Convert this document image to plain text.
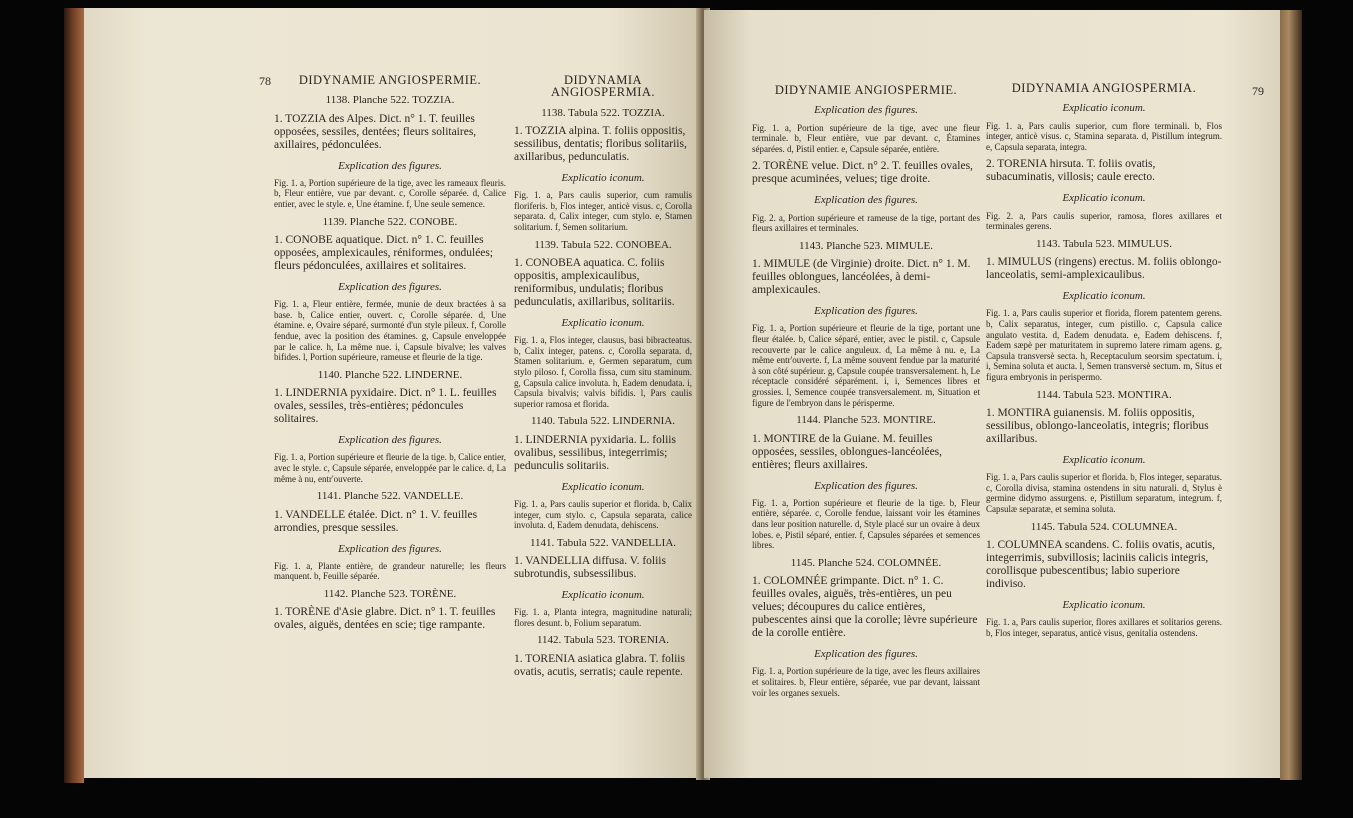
78	DIDYNAMIE ANGIOSPERMIE.
1138. Planche 522. TOZZIA.
1. TOZZIA des Alpes. Dict. n° 1. T. feuilles opposées, sessiles, dentées; fleurs solitaires, axillaires, pédonculées.
Explication des figures.
Fig. 1. a, Portion supérieure de la tige, avec les rameaux fleuris. b, Fleur entière, vue par devant. c, Corolle séparée. d, Calice entier, avec le style. e, Une étamine. f, Une seule semence.
1139. Planche 522. CONOBE.
1. CONOBE aquatique. Dict. n° 1. C. feuilles opposées, amplexicaules, réniformes, ondulées; fleurs pédonculées, axillaires et solitaires.
Explication des figures.
Fig. 1. a, Fleur entière, fermée, munie de deux bractées à sa base. b, Calice entier, ouvert. c, Corolle séparée. d, Une étamine. e, Ovaire séparé, surmonté d'un style pileux. f, Corolle fendue, avec la position des étamines. g, Capsule enveloppée par le calice. h, La même nue. i, Capsule bivalve; les valves bifides. l, Portion supérieure, rameuse et fleurie de la tige.
1140. Planche 522. LINDERNE.
1. LINDERNIA pyxidaire. Dict. n° 1. L. feuilles ovales, sessiles, très-entières; pédoncules solitaires.
Explication des figures.
Fig. 1. a, Portion supérieure et fleurie de la tige. b, Calice entier, avec le style. c, Capsule séparée, enveloppée par le calice. d, La même à nu, entr'ouverte.
1141. Planche 522. VANDELLE.
1. VANDELLE étalée. Dict. n° 1. V. feuilles arrondies, presque sessiles.
Explication des figures.
Fig. 1. a, Plante entière, de grandeur naturelle; les fleurs manquent. b, Feuille séparée.
1142. Planche 523. TORÈNE.
1. TORÈNE d'Asie glabre. Dict. n° 1. T. feuilles ovales, aiguës, dentées en scie; tige rampante.
DIDYNAMIA ANGIOSPERMIA.
1138. Tabula 522. TOZZIA.
1. TOZZIA alpina. T. foliis oppositis, sessilibus, dentatis; floribus solitariis, axillaribus, pedunculatis.
Explicatio iconum.
Fig. 1. a, Pars caulis superior, cum ramulis floriferis. b, Flos integer, anticè visus. c, Corolla separata. d, Calix integer, cum stylo. e, Stamen solitarium. f, Semen solitarium.
1139. Tabula 522. CONOBEA.
1. CONOBEA aquatica. C. foliis oppositis, amplexicaulibus, reniformibus, undulatis; floribus pedunculatis, axillaribus, solitariis.
Explicatio iconum.
Fig. 1. a, Flos integer, clausus, basi bibracteatus. b, Calix integer, patens. c, Corolla separata. d, Stamen solitarium. e, Germen separatum, cum stylo piloso. f, Corolla fissa, cum situ staminum. g, Capsula calice involuta. h, Eadem denudata. i, Capsula bivalvis; valvis bifidis. l, Pars caulis superior ramosa et florida.
1140. Tabula 522. LINDERNIA.
1. LINDERNIA pyxidaria. L. foliis ovalibus, sessilibus, integerrimis; pedunculis solitariis.
Explicatio iconum.
Fig. 1. a, Pars caulis superior et florida. b, Calix integer, cum stylo. c, Capsula separata, calice involuta. d, Eadem denudata, dehiscens.
1141. Tabula 522. VANDELLIA.
1. VANDELLIA diffusa. V. foliis subrotundis, subsessilibus.
Explicatio iconum.
Fig. 1. a, Planta integra, magnitudine naturali; flores desunt. b, Folium separatum.
1142. Tabula 523. TORENIA.
1. TORENIA asiatica glabra. T. foliis ovatis, acutis, serratis; caule repente.
DIDYNAMIE ANGIOSPERMIE.
Explication des figures.
Fig. 1. a, Portion supérieure de la tige, avec une fleur terminale. b, Fleur entière, vue par devant. c, Étamines séparées. d, Pistil entier. e, Capsule séparée, entière.
2. TORÈNE velue. Dict. n° 2. T. feuilles ovales, presque acuminées, velues; tige droite.
Explication des figures.
Fig. 2. a, Portion supérieure et rameuse de la tige, portant des fleurs axillaires et terminales.
1143. Planche 523. MIMULE.
1. MIMULE (de Virginie) droite. Dict. n° 1. M. feuilles oblongues, lancéolées, à demi-amplexicaules.
Explication des figures.
Fig. 1. a, Portion supérieure et fleurie de la tige, portant une fleur étalée. b, Calice séparé, entier, avec le pistil. c, Capsule recouverte par le calice anguleux. d, La même à nu. e, La même entr'ouverte. f, La même souvent fendue par la maturité à son côté supérieur. g, Capsule coupée transversalement. h, Le réceptacle considéré séparément. i, i, Semences libres et grossies. l, Semence coupée transversalement. m, Situation et figure de l'embryon dans le périsperme.
1144. Planche 523. MONTIRE.
1. MONTIRE de la Guiane. M. feuilles opposées, sessiles, oblongues-lancéolées, entières; fleurs axillaires.
Explication des figures.
Fig. 1. a, Portion supérieure et fleurie de la tige. b, Fleur entière, séparée. c, Corolle fendue, laissant voir les étamines dans leur position naturelle. d, Style placé sur un ovaire à deux lobes. e, Pistil séparé, entier. f, Capsules séparées et semences libres.
1145. Planche 524. COLOMNÉE.
1. COLOMNÉE grimpante. Dict. n° 1. C. feuilles ovales, aiguës, très-entières, un peu velues; découpures du calice entières, pubescentes ainsi que la corolle; lèvre supérieure de la corolle entière.
Explication des figures.
Fig. 1. a, Portion supérieure de la tige, avec les fleurs axillaires et solitaires. b, Fleur entière, séparée, vue par devant, laissant voir les organes sexuels.
DIDYNAMIA ANGIOSPERMIA.
Explicatio iconum.
Fig. 1. a, Pars caulis superior, cum flore terminali. b, Flos integer, anticè visus. c, Stamina separata. d, Pistillum integrum. e, Capsula separata, integra.
2. TORENIA hirsuta. T. foliis ovatis, subacuminatis, villosis; caule erecto.
Explicatio iconum.
Fig. 2. a, Pars caulis superior, ramosa, flores axillares et terminales gerens.
1143. Tabula 523. MIMULUS.
1. MIMULUS (ringens) erectus. M. foliis oblongo-lanceolatis, semi-amplexicaulibus.
Explicatio iconum.
Fig. 1. a, Pars caulis superior et florida, florem patentem gerens. b, Calix separatus, integer, cum pistillo. c, Capsula calice angulato vestita. d, Eadem denudata. e, Eadem dehiscens. f, Eadem sæpè per maturitatem in supremo latere rimam agens. g, Capsula transversè secta. h, Receptaculum seorsim spectatum. i, i, Semina soluta et aucta. l, Semen transversè sectum. m, Situs et figura embryonis in perispermo.
1144. Tabula 523. MONTIRA.
1. MONTIRA guianensis. M. foliis oppositis, sessilibus, oblongo-lanceolatis, integris; floribus axillaribus.
Explicatio iconum.
Fig. 1. a, Pars caulis superior et florida. b, Flos integer, separatus. c, Corolla divisa, stamina ostendens in situ naturali. d, Stylus è germine didymo assurgens. e, Pistillum separatum, integrum. f, Capsulæ separatæ, et semina soluta.
1145. Tabula 524. COLUMNEA.
1. COLUMNEA scandens. C. foliis ovatis, acutis, integerrimis, subvillosis; laciniis calicis integris, corollisque pubescentibus; labio superiore indiviso.
Explicatio iconum.
Fig. 1. a, Pars caulis superior, flores axillares et solitarios gerens. b, Flos integer, separatus, anticè visus, genitalia ostendens.
79
